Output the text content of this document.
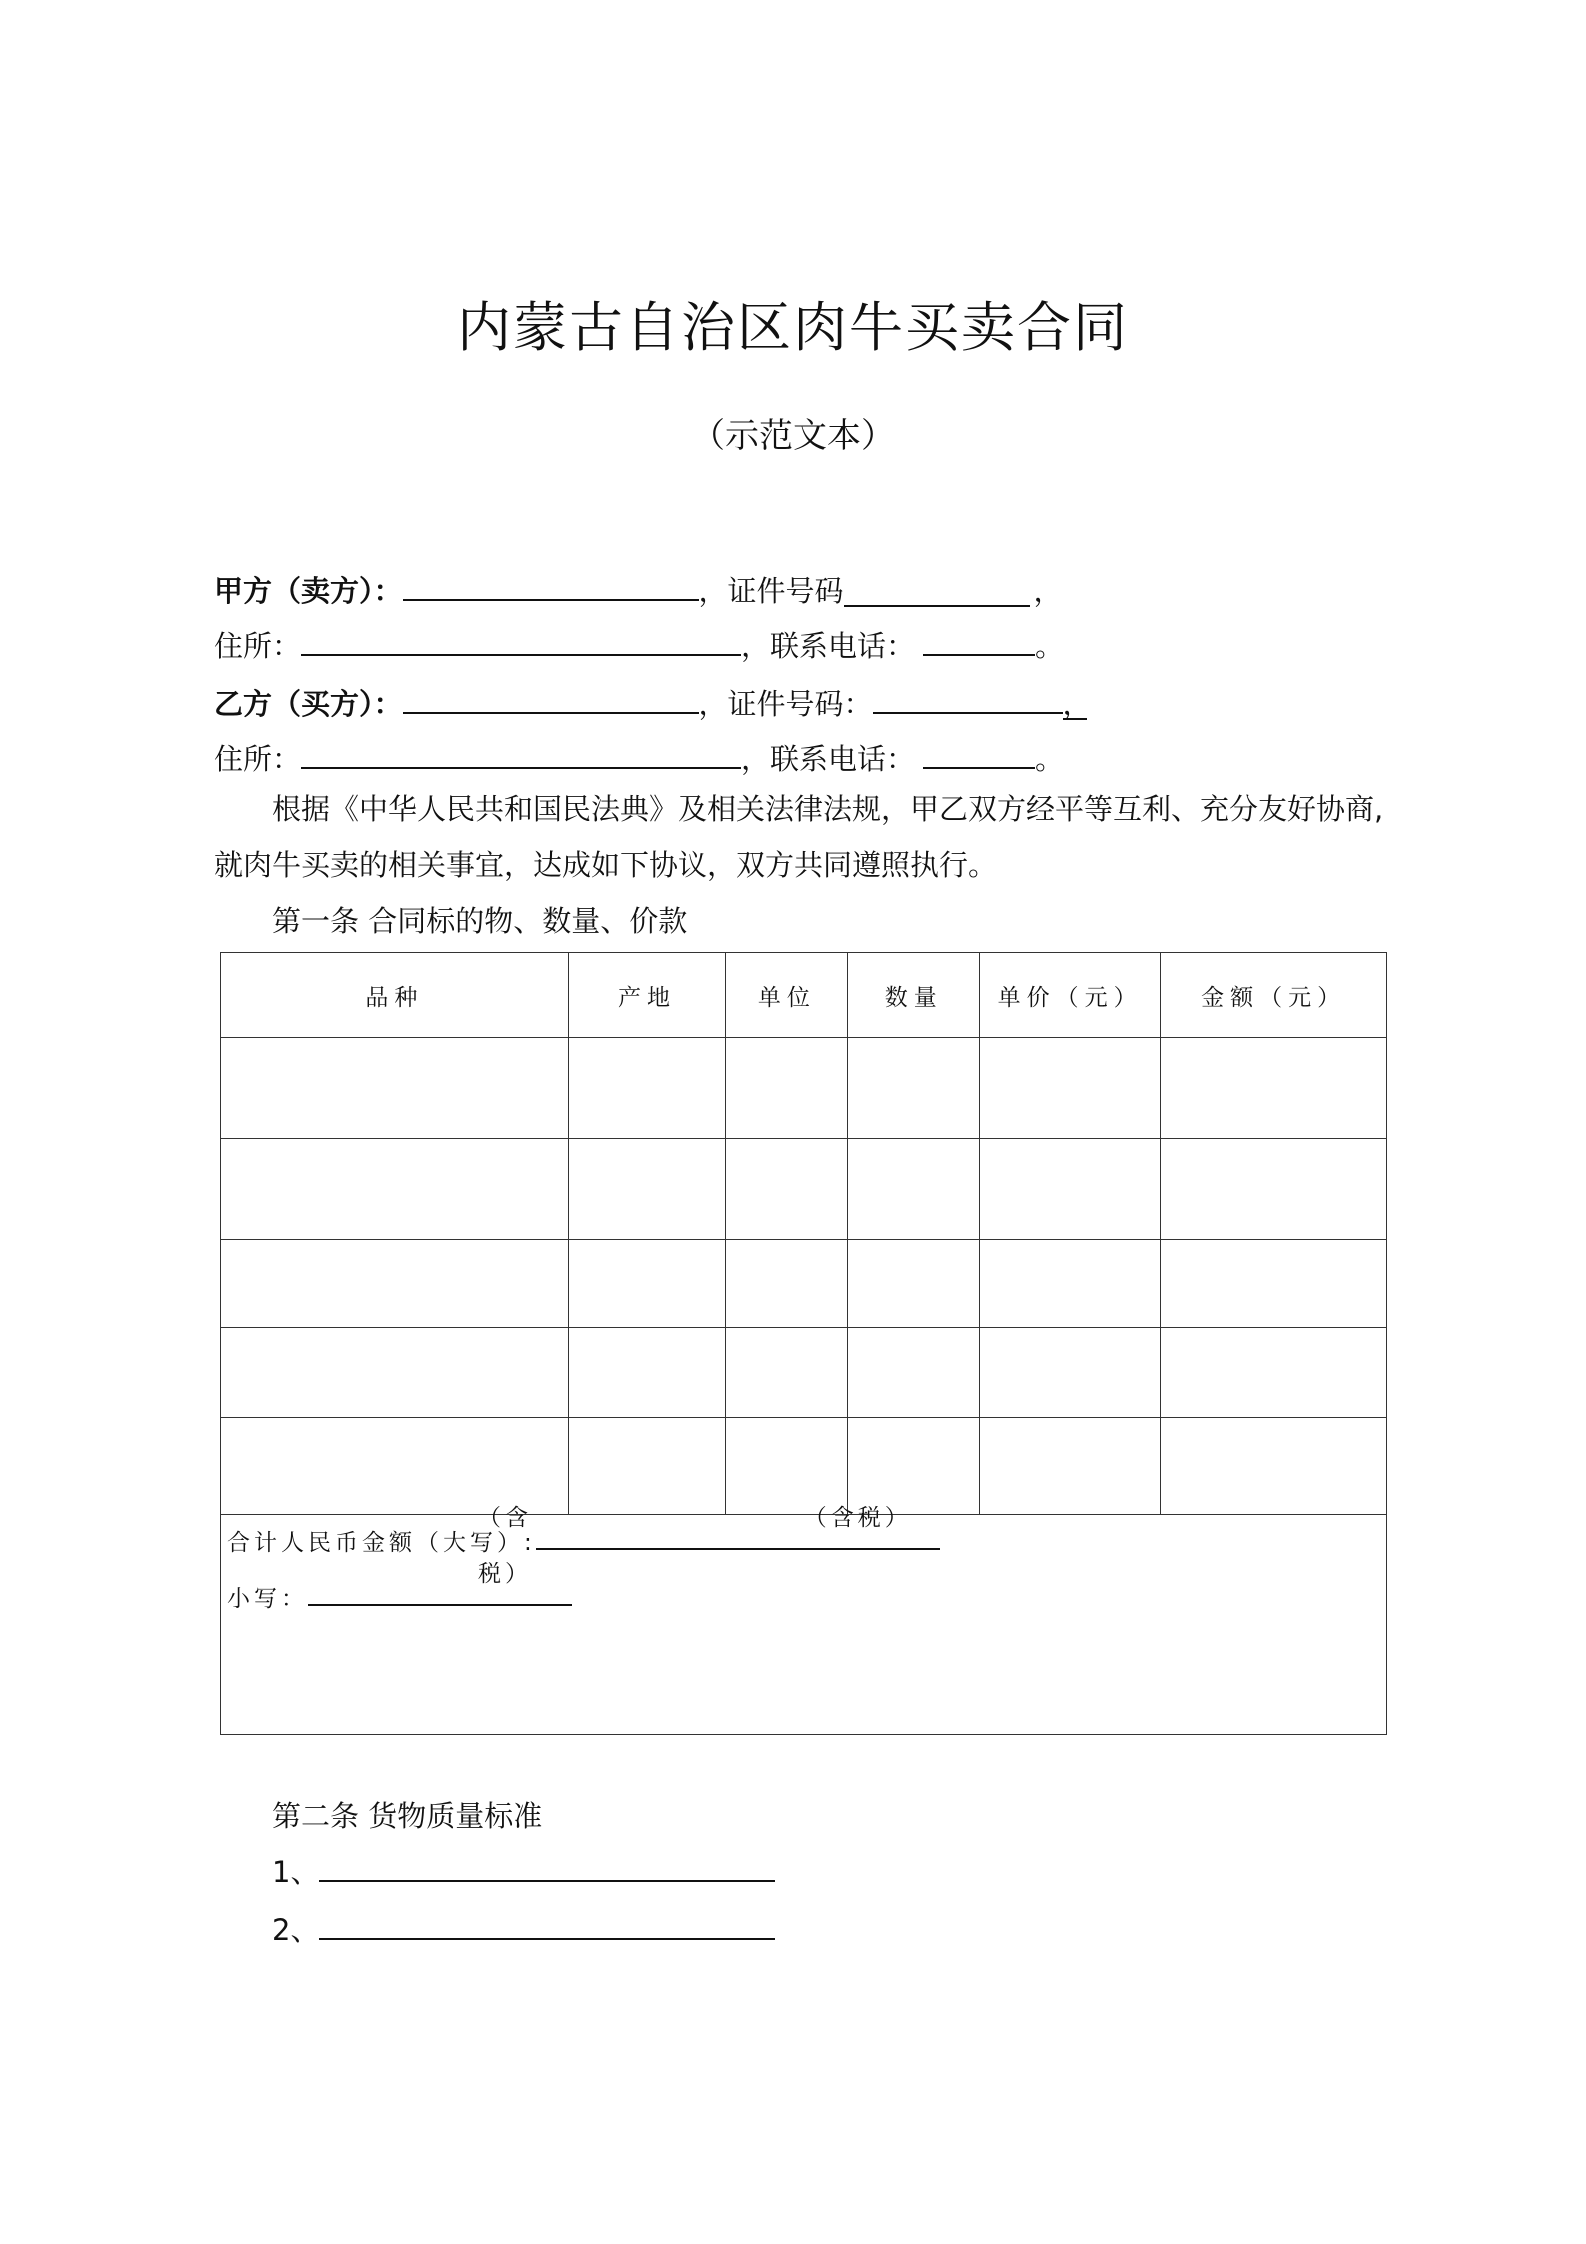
内蒙古自治区肉牛买卖合同
（示范文本）
甲方（卖方）：	，证件号码	，
住所：	，联系电话：	。
乙方（买方）：	，证件号码：	，
住所：	，联系电话：	。
根据《中华人民共和国民法典》及相关法律法规，甲乙双方经平等互利、充分友好协商,
就肉牛买卖的相关事宜，达成如下协议，双方共同遵照执行。
第一条 合同标的物、数量、价款
品种	产地	单位	数量	单价（元）	金额（元）

合计人民币金额（大写）:
（含税）
小写：
（含税）					
第二条 货物质量标准
1、
2、
